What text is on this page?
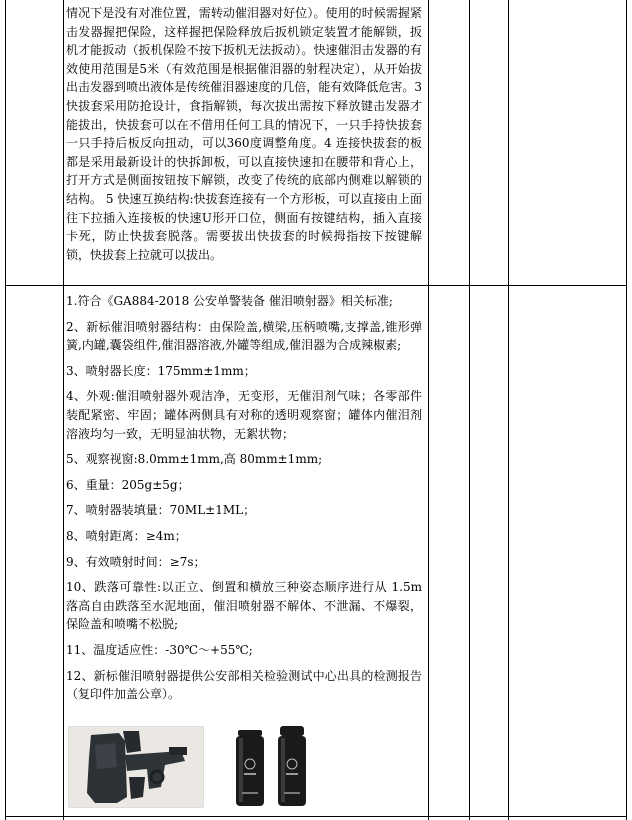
情况下是没有对准位置，需转动催泪器对好位）。使用的时候需握紧击发器握把保险，这样握把保险释放后扳机锁定装置才能解锁，扳机才能扳动（扳机保险不按下扳机无法扳动）。快速催泪击发器的有效使用范围是5米（有效范围是根据催泪器的射程决定），从开始拔出击发器到喷出液体是传统催泪器速度的几倍，能有效降低危害。3 快拔套采用防抢设计，食指解锁，每次拔出需按下释放键击发器才能拔出，快拔套可以在不借用任何工具的情况下，一只手持快拔套一只手持后板反向扭动，可以360度调整角度。4 连接快拔套的板都是采用最新设计的快拆卸板，可以直接快速扣在腰带和背心上，打开方式是侧面按钮按下解锁，改变了传统的底部内侧难以解锁的结构。 5 快速互换结构:快拔套连接有一个方形板，可以直接由上面往下拉插入连接板的快速U形开口位，侧面有按键结构，插入直接卡死，防止快拔套脱落。需要拔出快拔套的时候拇指按下按键解锁，快拔套上拉就可以拔出。

1.符合《GA884-2018 公安单警装备 催泪喷射器》相关标准;

2、新标催泪喷射器结构：由保险盖,横梁,压柄喷嘴,支撑盖,锥形弹簧,内罐,囊袋组件,催泪器溶液,外罐等组成,催泪器为合成辣椒素;

3、喷射器长度：175mm±1mm；

4、外观:催泪喷射器外观洁净，无变形，无催泪剂气味；各零部件装配紧密、牢固；罐体两侧具有对称的透明观察窗；罐体内催泪剂溶液均匀一致，无明显油状物，无絮状物；

5、观察视窗:8.0mm±1mm,高 80mm±1mm;

6、重量：205g±5g；

7、喷射器装填量：70ML±1ML；

8、喷射距离：≥4m；

9、有效喷射时间：≥7s；

10、跌落可靠性:以正立、倒置和横放三种姿态顺序进行从 1.5m 落高自由跌落至水泥地面，催泪喷射器不解体、不泄漏、不爆裂，保险盖和喷嘴不松脱;

11、温度适应性：-30℃～+55℃;

12、新标催泪喷射器提供公安部相关检验测试中心出具的检测报告（复印件加盖公章）。
